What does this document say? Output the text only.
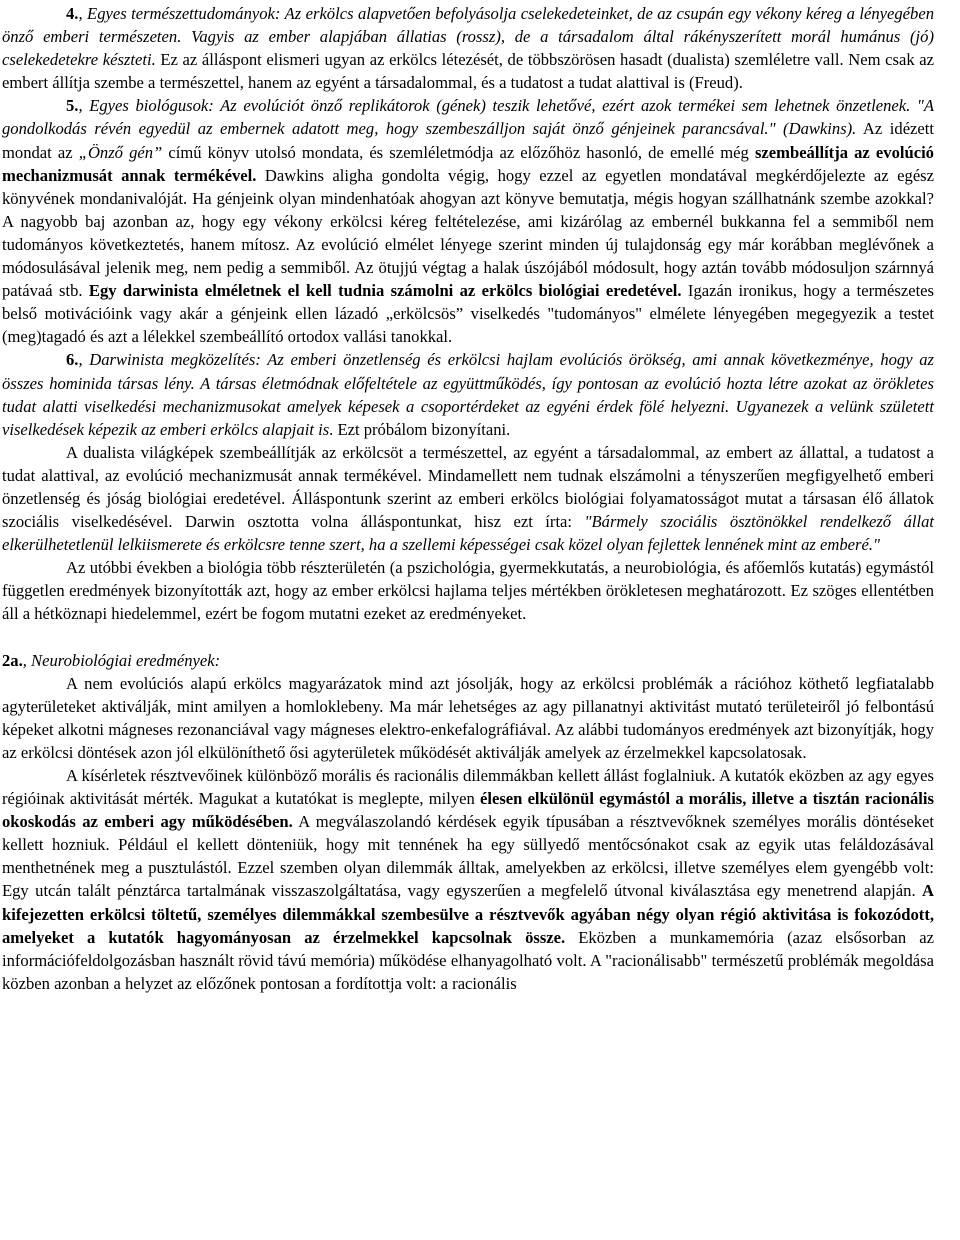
4., Egyes természettudományok: Az erkölcs alapvetően befolyásolja cselekedeteinket, de az csupán egy vékony kéreg a lényegében önző emberi természeten. Vagyis az ember alapjában állatias (rossz), de a társadalom által rákényszerített morál humánus (jó) cselekedetekre készteti. Ez az álláspont elismeri ugyan az erkölcs létezését, de többszörösen hasadt (dualista) szemléletre vall. Nem csak az embert állítja szembe a természettel, hanem az egyént a társadalommal, és a tudatost a tudat alattival is (Freud).

5., Egyes biológusok: Az evolúciót önző replikátorok (gének) teszik lehetővé, ezért azok termékei sem lehetnek önzetlenek. "A gondolkodás révén egyedül az embernek adatott meg, hogy szembeszálljon saját önző génjeinek parancsával." (Dawkins). Az idézett mondat az „Önző gén” című könyv utolsó mondata, és szemléletmódja az előzőhöz hasonló, de emellé még szembeállítja az evolúció mechanizmusát annak termékével. Dawkins aligha gondolta végig, hogy ezzel az egyetlen mondatával megkérdőjelezte az egész könyvének mondanivalóját. Ha génjeink olyan mindenhatóak ahogyan azt könyve bemutatja, mégis hogyan szállhatnánk szembe azokkal? A nagyobb baj azonban az, hogy egy vékony erkölcsi kéreg feltételezése, ami kizárólag az embernél bukkanna fel a semmiből nem tudományos következtetés, hanem mítosz. Az evolúció elmélet lényege szerint minden új tulajdonság egy már korábban meglévőnek a módosulásával jelenik meg, nem pedig a semmiből. Az ötujjú végtag a halak úszójából módosult, hogy aztán tovább módosuljon szárnnyá patávaá stb. Egy darwinista elméletnek el kell tudnia számolni az erkölcs biológiai eredetével. Igazán ironikus, hogy a természetes belső motivációink vagy akár a génjeink ellen lázadó „erkölcsös” viselkedés "tudományos" elmélete lényegében megegyezik a testet (meg)tagadó és azt a lélekkel szembeállító ortodox vallási tanokkal.

6., Darwinista megközelítés: Az emberi önzetlenség és erkölcsi hajlam evolúciós örökség, ami annak következménye, hogy az összes hominida társas lény. A társas életmódnak előfeltétele az együttműködés, így pontosan az evolúció hozta létre azokat az örökletes tudat alatti viselkedési mechanizmusokat amelyek képesek a csoportérdeket az egyéni érdek fölé helyezni. Ugyanezek a velünk született viselkedések képezik az emberi erkölcs alapjait is. Ezt próbálom bizonyítani.

A dualista világképek szembeállítják az erkölcsöt a természettel, az egyént a társadalommal, az embert az állattal, a tudatost a tudat alattival, az evolúció mechanizmusát annak termékével. Mindamellett nem tudnak elszámolni a tényszerűen megfigyelhető emberi önzetlenség és jóság biológiai eredetével. Álláspontunk szerint az emberi erkölcs biológiai folyamatosságot mutat a társasan élő állatok szociális viselkedésével. Darwin osztotta volna álláspontunkat, hisz ezt írta: "Bármely szociális ösztönökkel rendelkező állat elkerülhetetlenül lelkiismerete és erkölcsre tenne szert, ha a szellemi képességei csak közel olyan fejlettek lennének mint az emberé."

Az utóbbi években a biológia több részterületén (a pszichológia, gyermekkutatás, a neurobiológia, és afőemlős kutatás) egymástól független eredmények bizonyították azt, hogy az ember erkölcsi hajlama teljes mértékben örökletesen meghatározott. Ez szöges ellentétben áll a hétköznapi hiedelemmel, ezért be fogom mutatni ezeket az eredményeket.

2a., Neurobiológiai eredmények:

A nem evolúciós alapú erkölcs magyarázatok mind azt jósolják, hogy az erkölcsi problémák a rációhoz köthető legfiatalabb agyterületeket aktiválják, mint amilyen a homloklebeny. Ma már lehetséges az agy pillanatnyi aktivitást mutató területeiről jó felbontású képeket alkotni mágneses rezonanciával vagy mágneses elektro-enkefalográfiával. Az alábbi tudományos eredmények azt bizonyítják, hogy az erkölcsi döntések azon jól elkülöníthető ősi agyterületek működését aktiválják amelyek az érzelmekkel kapcsolatosak.

A kísérletek résztvevőinek különböző morális és racionális dilemmákban kellett állást foglalniuk. A kutatók eközben az agy egyes régióinak aktivitását mérték. Magukat a kutatókat is meglepte, milyen élesen elkülönül egymástól a morális, illetve a tisztán racionális okoskodás az emberi agy működésében. A megválaszolandó kérdések egyik típusában a résztvevőknek személyes morális döntéseket kellett hozniuk. Például el kellett dönteniük, hogy mit tennének ha egy süllyedő mentőcsónakot csak az egyik utas feláldozásával menthetnének meg a pusztulástól. Ezzel szemben olyan dilemmák álltak, amelyekben az erkölcsi, illetve személyes elem gyengébb volt: Egy utcán talált pénztárca tartalmának visszaszolgáltatása, vagy egyszerűen a megfelelő útvonal kiválasztása egy menetrend alapján. A kifejezetten erkölcsi töltetű, személyes dilemmákkal szembesülve a résztvevők agyában négy olyan régió aktivitása is fokozódott, amelyeket a kutatók hagyományosan az érzelmekkel kapcsolnak össze. Eközben a munkamemória (azaz elsősorban az információfeldolgozásban használt rövid távú memória) működése elhanyagolható volt. A "racionálisabb" természetű problémák megoldása közben azonban a helyzet az előzőnek pontosan a fordítottja volt: a racionális
